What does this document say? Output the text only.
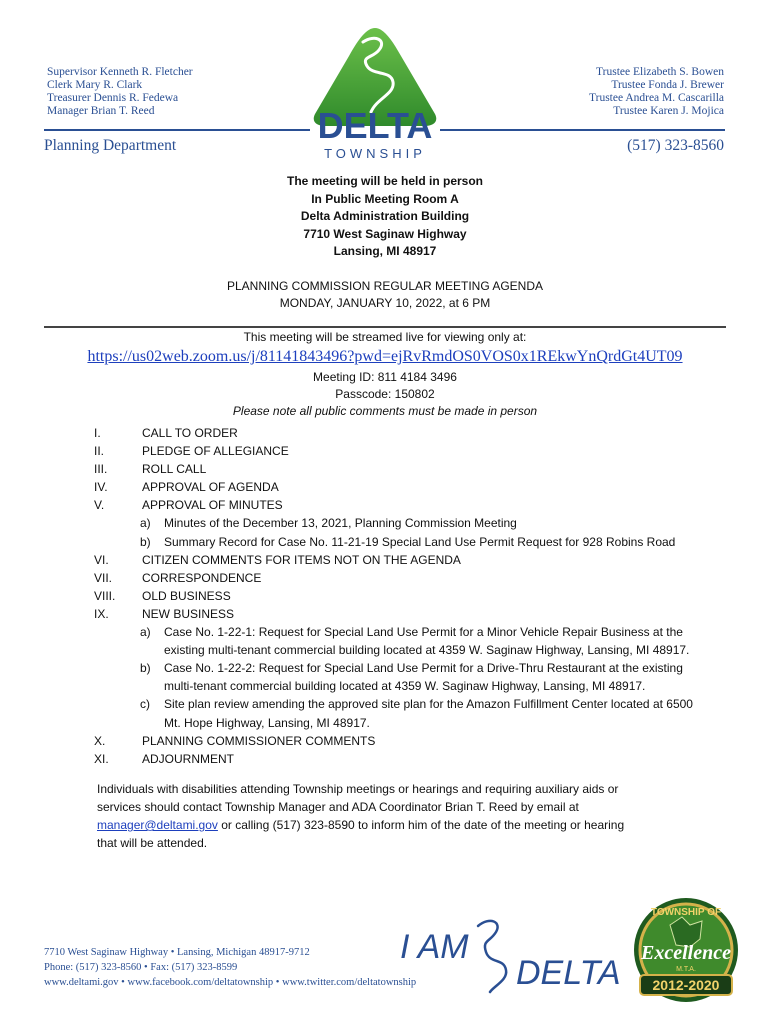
Supervisor Kenneth R. Fletcher
Clerk Mary R. Clark
Treasurer Dennis R. Fedewa
Manager Brian T. Reed
Trustee Elizabeth S. Bowen
Trustee Fonda J. Brewer
Trustee Andrea M. Cascarilla
Trustee Karen J. Mojica
DELTA
TOWNSHIP
Planning Department	(517) 323-8560
The meeting will be held in person
In Public Meeting Room A
Delta Administration Building
7710 West Saginaw Highway
Lansing, MI 48917
PLANNING COMMISSION REGULAR MEETING AGENDA
MONDAY, JANUARY 10, 2022, at 6 PM
This meeting will be streamed live for viewing only at:
https://us02web.zoom.us/j/81141843496?pwd=ejRvRmdOS0VOS0x1REkwYnQrdGt4UT09
Meeting ID: 811 4184 3496
Passcode: 150802
Please note all public comments must be made in person
I.	CALL TO ORDER
II.	PLEDGE OF ALLEGIANCE
III.	ROLL CALL
IV.	APPROVAL OF AGENDA
V.	APPROVAL OF MINUTES
a) Minutes of the December 13, 2021, Planning Commission Meeting
b) Summary Record for Case No. 11-21-19 Special Land Use Permit Request for 928 Robins Road
VI.	CITIZEN COMMENTS FOR ITEMS NOT ON THE AGENDA
VII. CORRESPONDENCE
VIII. OLD BUSINESS
IX.	NEW BUSINESS
a) Case No. 1-22-1: Request for Special Land Use Permit for a Minor Vehicle Repair Business at the
existing multi-tenant commercial building located at 4359 W. Saginaw Highway, Lansing, MI 48917.
b) Case No. 1-22-2: Request for Special Land Use Permit for a Drive-Thru Restaurant at the existing
multi-tenant commercial building located at 4359 W. Saginaw Highway, Lansing, MI 48917.
c) Site plan review amending the approved site plan for the Amazon Fulfillment Center located at 6500
Mt. Hope Highway, Lansing, MI 48917.
X.	PLANNING COMMISSIONER COMMENTS
XI.	ADJOURNMENT
Individuals with disabilities attending Township meetings or hearings and requiring auxiliary aids or
services should contact Township Manager and ADA Coordinator Brian T. Reed by email at
manager@deltami.gov or calling (517) 323-8590 to inform him of the date of the meeting or hearing
that will be attended.
7710 West Saginaw Highway • Lansing, Michigan 48917-9712
Phone: (517) 323-8560 • Fax: (517) 323-8599
www.deltami.gov • www.facebook.com/deltatownship • www.twitter.com/deltatownship
I AM
DELTA
TOWNSHIP OF
Excellence
M.T.A.
2012-2020
